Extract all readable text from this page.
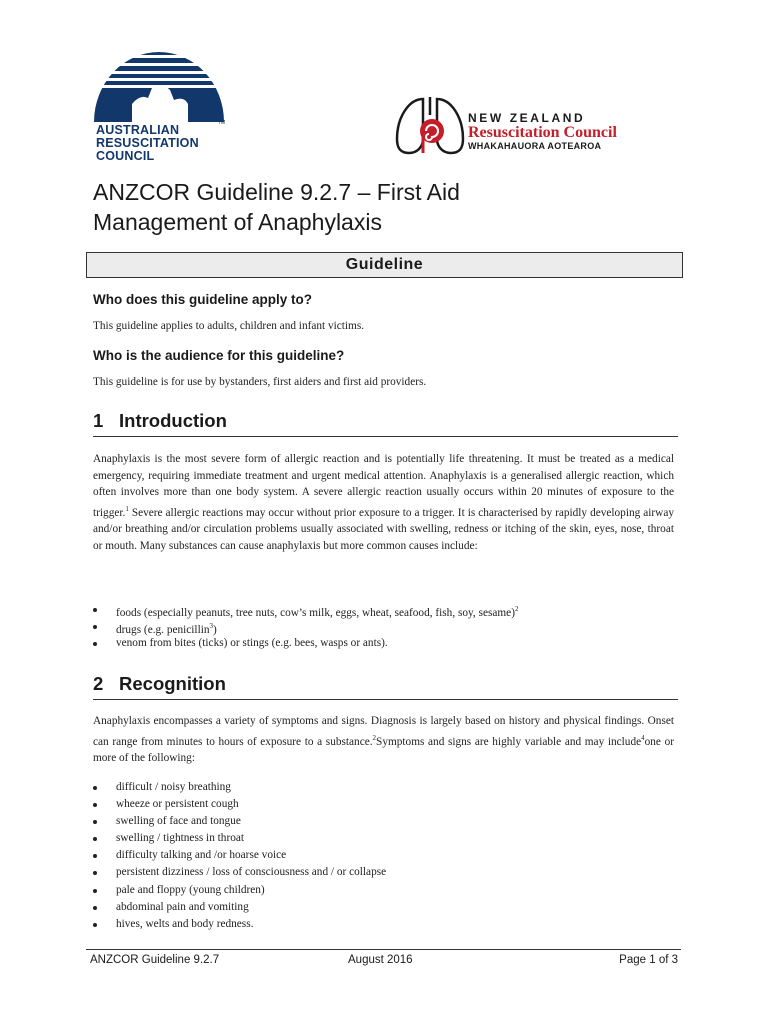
TM
AUSTRALIAN
RESUSCITATION
COUNCIL
NEW ZEALAND
Resuscitation Council
WHAKAHAUORA AOTEAROA
ANZCOR Guideline 9.2.7 – First Aid
Management of Anaphylaxis
Guideline
Who does this guideline apply to?
This guideline applies to adults, children and infant victims.
Who is the audience for this guideline?
This guideline is for use by bystanders, first aiders and first aid providers.
1 Introduction
Anaphylaxis is the most severe form of allergic reaction and is potentially life threatening. It must be treated as a medical emergency, requiring immediate treatment and urgent medical attention. Anaphylaxis is a generalised allergic reaction, which often involves more than one body system. A severe allergic reaction usually occurs within 20 minutes of exposure to the trigger.$^1$ Severe allergic reactions may occur without prior exposure to a trigger. It is characterised by rapidly developing airway and/or breathing and/or circulation problems usually associated with swelling, redness or itching of the skin, eyes, nose, throat or mouth. Many substances can cause anaphylaxis but more common causes include:
foods (especially peanuts, tree nuts, cow’s milk, eggs, wheat, seafood, fish, soy, sesame)$^2$
drugs (e.g. penicillin$^3$)
venom from bites (ticks) or stings (e.g. bees, wasps or ants).
2 Recognition
Anaphylaxis encompasses a variety of symptoms and signs. Diagnosis is largely based on history and physical findings. Onset can range from minutes to hours of exposure to a substance.$^2$Symptoms and signs are highly variable and may include$^4$one or more of the following:
difficult / noisy breathing
wheeze or persistent cough
swelling of face and tongue
swelling / tightness in throat
difficulty talking and /or hoarse voice
persistent dizziness / loss of consciousness and / or collapse
pale and floppy (young children)
abdominal pain and vomiting
hives, welts and body redness.
ANZCOR Guideline 9.2.7	August 2016	Page 1 of 3
